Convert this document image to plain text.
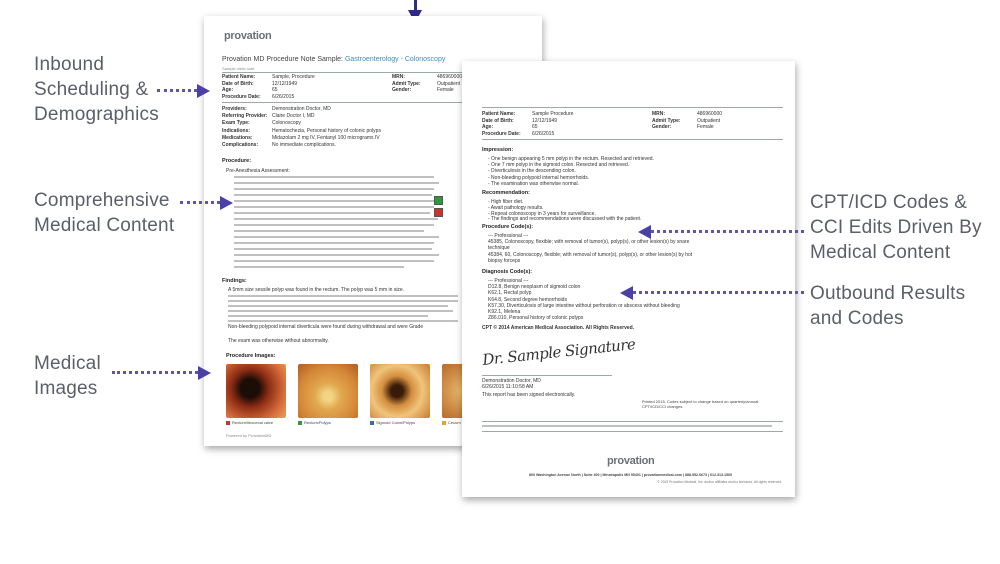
provation
Provation MD Procedure Note Sample: Gastroenterology - Colonoscopy
Sample clinic note
Patient Name:	Sample, Procedure	MRN:	486960000
Date of Birth:	12/12/1949	Admit Type:	Outpatient
Age:	65	Gender:	Female
Procedure Date: 6/26/2015
Providers:	Demonstration Doctor, MD
Referring Provider: Claire Doctor I, MD
Exam Type:	Colonoscopy
Indications:	Hematochezia, Personal history of colonic polyps
Medications:	Midazolam 2 mg IV, Fentanyl 100 micrograms IV
Complications:	No immediate complications.
Procedure:
Pre-Anesthesia Assessment:
Findings:
A 5mm size sessile polyp was found in the rectum. The polyp was 5 mm in size.
Non-bleeding polypoid internal diverticula were found during withdrawal and were Grade
The exam was otherwise without abnormality.
Procedure Images:
Rectum/Ileocecal valve	Rectum/Polyps	Sigmoid Colon/Polyps	Cecum
Powered by ProvationMD
Patient Name:	Sample Procedure	MRN:	486960000
Date of Birth:	12/12/1949	Admit Type:	Outpatient
Age:	65	Gender:	Female
Procedure Date: 6/26/2015
Impression:
- One benign appearing 5 mm polyp in the rectum. Resected and retrieved.
- One 7 mm polyp in the sigmoid colon. Resected and retrieved.
- Diverticulosis in the descending colon.
- Non-bleeding polypoid internal hemorrhoids.
- The examination was otherwise normal.
Recommendation:
- High fiber diet.
- Await pathology results.
- Repeat colonoscopy in 3 years for surveillance.
- The findings and recommendations were discussed with the patient.
Procedure Code(s):
--- Professional ---
45385, Colonoscopy, flexible; with removal of tumor(s), polyp(s), or other lesion(s) by snare
technique
45384, 60, Colonoscopy, flexible; with removal of tumor(s), polyp(s), or other lesion(s) by hot
biopsy forceps
Diagnosis Code(s):
--- Professional ---
D12.8, Benign neoplasm of sigmoid colon
K62.1, Rectal polyp
K64.8, Second degree hemorrhoids
K57.30, Diverticulosis of large intestine without perforation or abscess without bleeding
K92.1, Melena
Z86.010, Personal history of colonic polyps
CPT © 2014 American Medical Association. All Rights Reserved.
Dr. Sample Signature
Demonstration Doctor, MD
6/26/2015 11:10:58 AM
This report has been signed electronically.
Printed 2015. Codes subject to change based on quarterly/annual CPT/ICD/CCI changes.
provation
800 Washington Avenue North | Suite 400 | Minneapolis MN 55401 | provationmedical.com | 888.952.6673 | 612.313.1500
© 2015 Provation Medical, Inc. and/or affiliates and/or licensors. All rights reserved.
Inbound
Scheduling &
Demographics
Comprehensive
Medical Content
Medical
Images
CPT/ICD Codes &
CCI Edits Driven By
Medical Content
Outbound Results
and Codes
